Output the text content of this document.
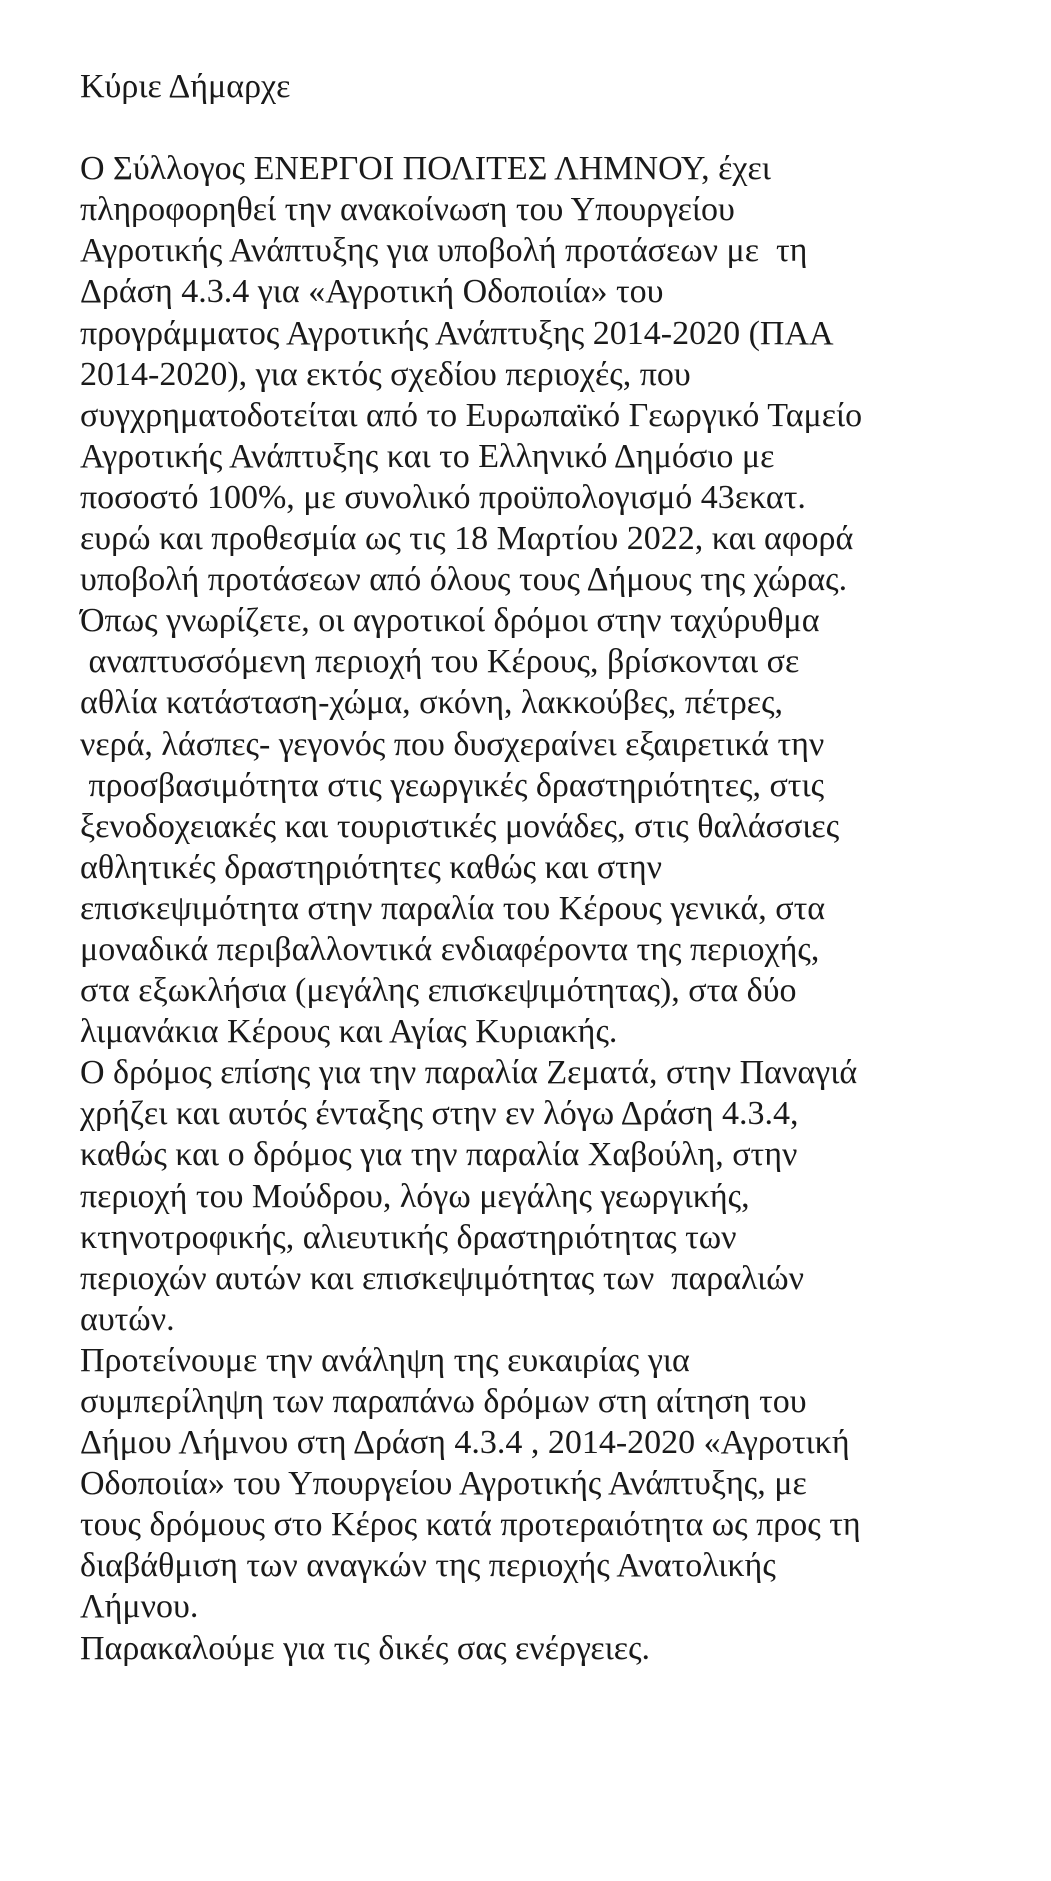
Κύριε Δήμαρχε
Ο Σύλλογος ΕΝΕΡΓΟΙ ΠΟΛΙΤΕΣ ΛΗΜΝΟΥ, έχει
πληροφορηθεί την ανακοίνωση του Υπουργείου
Αγροτικής Ανάπτυξης για υποβολή προτάσεων με  τη
Δράση 4.3.4 για «Αγροτική Οδοποιία» του
προγράμματος Αγροτικής Ανάπτυξης 2014-2020 (ΠΑΑ
2014-2020), για εκτός σχεδίου περιοχές, που
συγχρηματοδοτείται από το Ευρωπαϊκό Γεωργικό Ταμείο
Αγροτικής Ανάπτυξης και το Ελληνικό Δημόσιο με
ποσοστό 100%, με συνολικό προϋπολογισμό 43εκατ.
ευρώ και προθεσμία ως τις 18 Μαρτίου 2022, και αφορά
υποβολή προτάσεων από όλους τους Δήμους της χώρας.
Όπως γνωρίζετε, οι αγροτικοί δρόμοι στην ταχύρυθμα
αναπτυσσόμενη περιοχή του Κέρους, βρίσκονται σε
αθλία κατάσταση-χώμα, σκόνη, λακκούβες, πέτρες,
νερά, λάσπες- γεγονός που δυσχεραίνει εξαιρετικά την
προσβασιμότητα στις γεωργικές δραστηριότητες, στις
ξενοδοχειακές και τουριστικές μονάδες, στις θαλάσσιες
αθλητικές δραστηριότητες καθώς και στην
επισκεψιμότητα στην παραλία του Κέρους γενικά, στα
μοναδικά περιβαλλοντικά ενδιαφέροντα της περιοχής,
στα εξωκλήσια (μεγάλης επισκεψιμότητας), στα δύο
λιμανάκια Κέρους και Αγίας Κυριακής.
Ο δρόμος επίσης για την παραλία Ζεματά, στην Παναγιά
χρήζει και αυτός ένταξης στην εν λόγω Δράση 4.3.4,
καθώς και ο δρόμος για την παραλία Χαβούλη, στην
περιοχή του Μούδρου, λόγω μεγάλης γεωργικής,
κτηνοτροφικής, αλιευτικής δραστηριότητας των
περιοχών αυτών και επισκεψιμότητας των  παραλιών
αυτών.
Προτείνουμε την ανάληψη της ευκαιρίας για
συμπερίληψη των παραπάνω δρόμων στη αίτηση του
Δήμου Λήμνου στη Δράση 4.3.4 , 2014-2020 «Αγροτική
Οδοποιία» του Υπουργείου Αγροτικής Ανάπτυξης, με
τους δρόμους στο Κέρος κατά προτεραιότητα ως προς τη
διαβάθμιση των αναγκών της περιοχής Ανατολικής
Λήμνου.
Παρακαλούμε για τις δικές σας ενέργειες.
